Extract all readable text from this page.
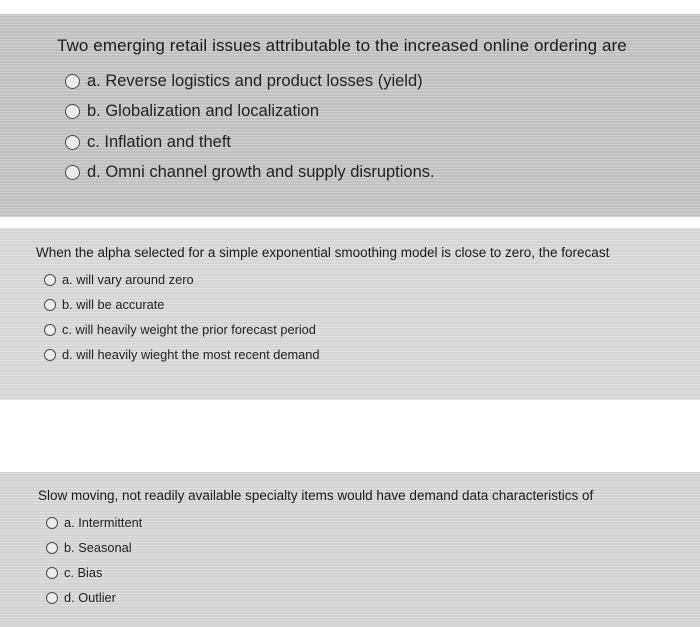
Two emerging retail issues attributable to the increased online ordering are

a. Reverse logistics and product losses (yield)
b. Globalization and localization
c. Inflation and theft
d. Omni channel growth and supply disruptions.

When the alpha selected for a simple exponential smoothing model is close to zero, the forecast

a. will vary around zero
b. will be accurate
c. will heavily weight the prior forecast period
d. will heavily wieght the most recent demand

Slow moving, not readily available specialty items would have demand data characteristics of

a. Intermittent
b. Seasonal
c. Bias
d. Outlier
